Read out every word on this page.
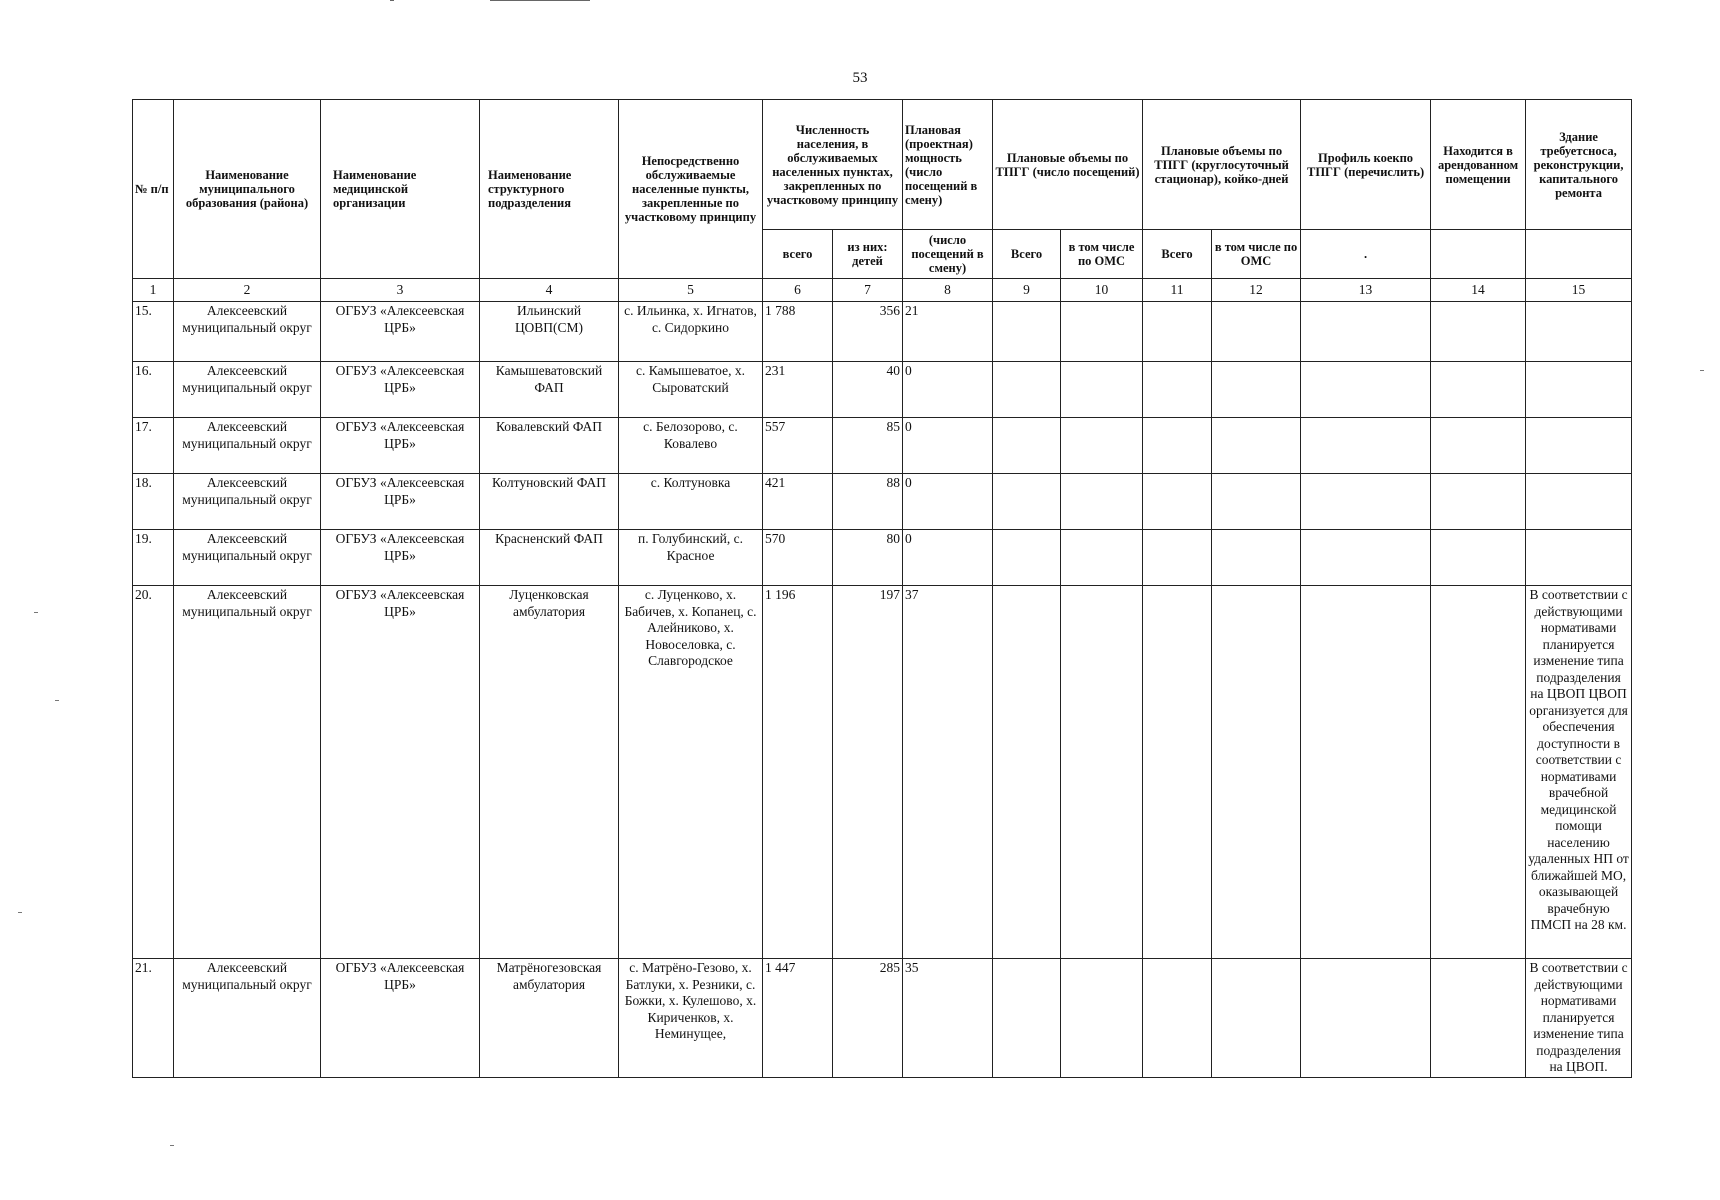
53
№ п/п	Наименование муниципального образования (района)	Наименование медицинской организации	Наименование структурного подразделения	Непосредственно обслуживаемые населенные пункты, закрепленные по участковому принципу	Численность населения, в обслуживаемых населенных пунктах, закрепленных по участковому принципу		Плановая (проектная) мощность (число посещений в смену)	Плановые объемы по ТПГГ (число посещений)		Плановые объемы по ТПГГ (круглосуточный стационар), койко-дней		Профиль коекпо ТПГГ (перечислить)	Находится в арендованном помещении	Здание требуетсноса, реконструкции, капитального ремонта
					всего	из них: детей	(число посещений в смену)	Всего	в том числе по ОМС	Всего	в том числе по ОМС	.		
1	2	3	4	5	6	7	8	9	10	11	12	13	14	15
15.	Алексеевский муниципальный округ	ОГБУЗ «Алексеевская ЦРБ»	Ильинский ЦОВП(СМ)	с. Ильинка, х. Игнатов, с. Сидоркино	1 788	356	21							
16.	Алексеевский муниципальный округ	ОГБУЗ «Алексеевская ЦРБ»	Камышеватовский ФАП	с. Камышеватое, х. Сыроватский	231	40	0							
17.	Алексеевский муниципальный округ	ОГБУЗ «Алексеевская ЦРБ»	Ковалевский ФАП	с. Белозорово, с. Ковалево	557	85	0							
18.	Алексеевский муниципальный округ	ОГБУЗ «Алексеевская ЦРБ»	Колтуновский ФАП	с. Колтуновка	421	88	0							
19.	Алексеевский муниципальный округ	ОГБУЗ «Алексеевская ЦРБ»	Красненский ФАП	п. Голубинский, с. Красное	570	80	0							
20.	Алексеевский муниципальный округ	ОГБУЗ «Алексеевская ЦРБ»	Луценковская амбулатория	с. Луценково, х. Бабичев, х. Копанец, с. Алейниково, х. Новоселовка, с. Славгородское	1 196	197	37							В соответствии с действующими нормативами планируется изменение типа подразделения на ЦВОП ЦВОП организуется для обеспечения доступности в соответствии с нормативами врачебной медицинской помощи населению удаленных НП от ближайшей МО, оказывающей врачебную ПМСП на 28 км.
21.	Алексеевский муниципальный округ	ОГБУЗ «Алексеевская ЦРБ»	Матрёногезовская амбулатория	с. Матрёно-Гезово, х. Батлуки, х. Резники, с. Божки, х. Кулешово, х. Кириченков, х. Неминущее,	1 447	285	35							В соответствии с действующими нормативами планируется изменение типа подразделения на ЦВОП.
